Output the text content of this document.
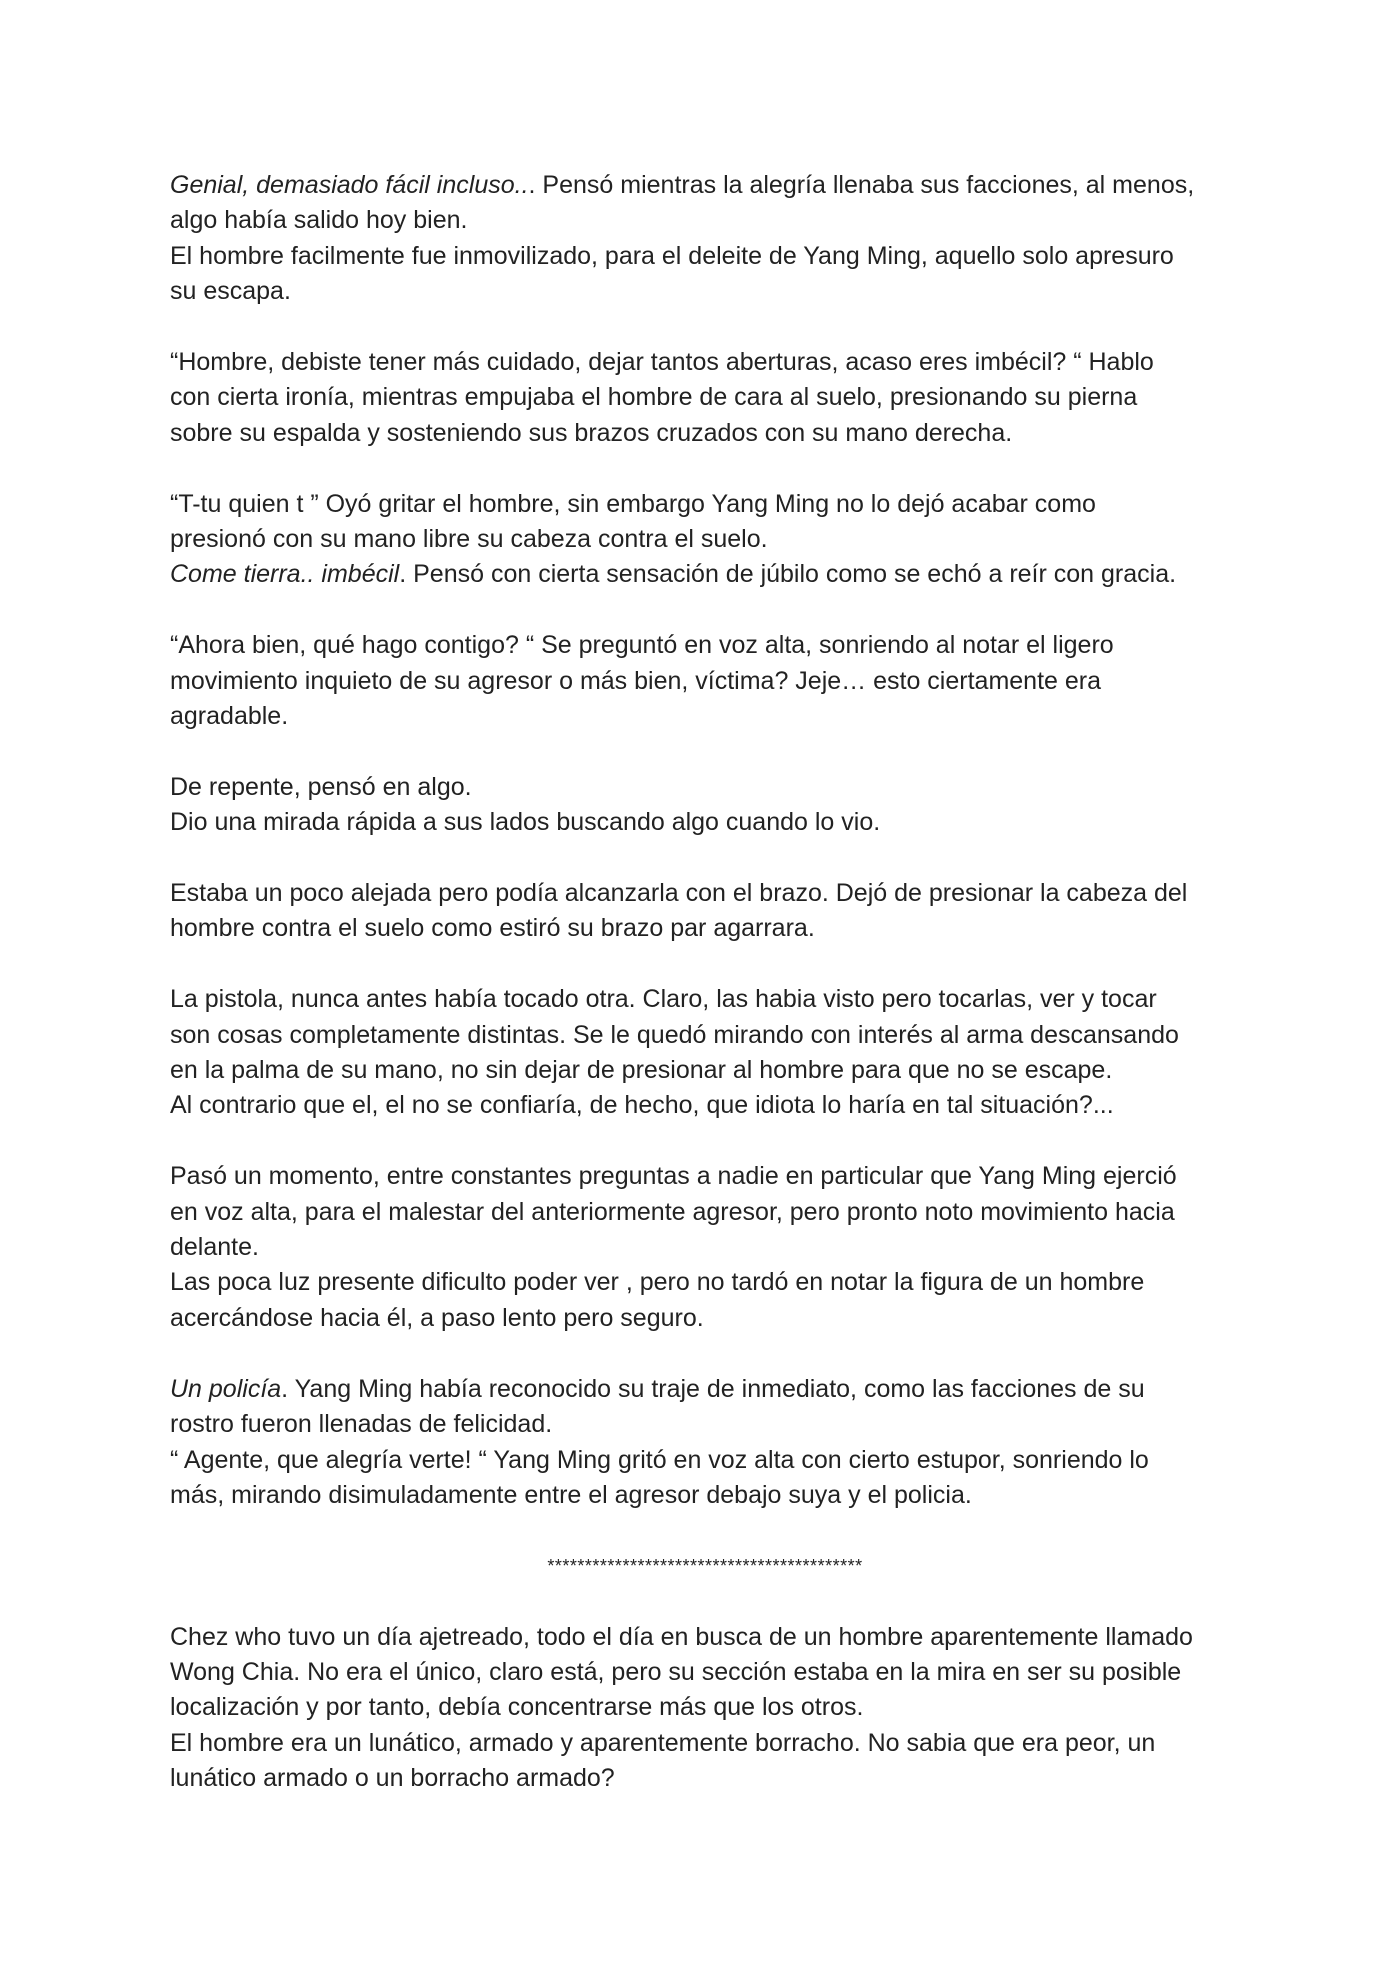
Genial, demasiado fácil incluso... Pensó mientras la alegría llenaba sus facciones, al menos,
algo había salido hoy bien.
El hombre facilmente fue inmovilizado, para el deleite de Yang Ming, aquello solo apresuro
su escapa.

“Hombre, debiste tener más cuidado, dejar tantos aberturas, acaso eres imbécil? “ Hablo
con cierta ironía, mientras empujaba el hombre de cara al suelo, presionando su pierna
sobre su espalda y sosteniendo sus brazos cruzados con su mano derecha.

“T-tu quien t ” Oyó gritar el hombre, sin embargo Yang Ming no lo dejó acabar como
presionó con su mano libre su cabeza contra el suelo.
Come tierra.. imbécil. Pensó con cierta sensación de júbilo como se echó a reír con gracia.

“Ahora bien, qué hago contigo? “ Se preguntó en voz alta, sonriendo al notar el ligero
movimiento inquieto de su agresor o más bien, víctima? Jeje… esto ciertamente era
agradable.

De repente, pensó en algo.
Dio una mirada rápida a sus lados buscando algo cuando lo vio.

Estaba un poco alejada pero podía alcanzarla con el brazo. Dejó de presionar la cabeza del
hombre contra el suelo como estiró su brazo par agarrara.

La pistola, nunca antes había tocado otra. Claro, las habia visto pero tocarlas, ver y tocar
son cosas completamente distintas. Se le quedó mirando con interés al arma descansando
en la palma de su mano, no sin dejar de presionar al hombre para que no se escape.
Al contrario que el, el no se confiaría, de hecho, que idiota lo haría en tal situación?...

Pasó un momento, entre constantes preguntas a nadie en particular que Yang Ming ejerció
en voz alta, para el malestar del anteriormente agresor, pero pronto noto movimiento hacia
delante.
Las poca luz presente dificulto poder ver , pero no tardó en notar la figura de un hombre
acercándose hacia él, a paso lento pero seguro.

Un policía. Yang Ming había reconocido su traje de inmediato, como las facciones de su
rostro fueron llenadas de felicidad.
“ Agente, que alegría verte! “ Yang Ming gritó en voz alta con cierto estupor, sonriendo lo
más, mirando disimuladamente entre el agresor debajo suya y el policia.

******************************************

Chez who tuvo un día ajetreado, todo el día en busca de un hombre aparentemente llamado
Wong Chia. No era el único, claro está, pero su sección estaba en la mira en ser su posible
localización y por tanto, debía concentrarse más que los otros.
El hombre era un lunático, armado y aparentemente borracho. No sabia que era peor, un
lunático armado o un borracho armado?
